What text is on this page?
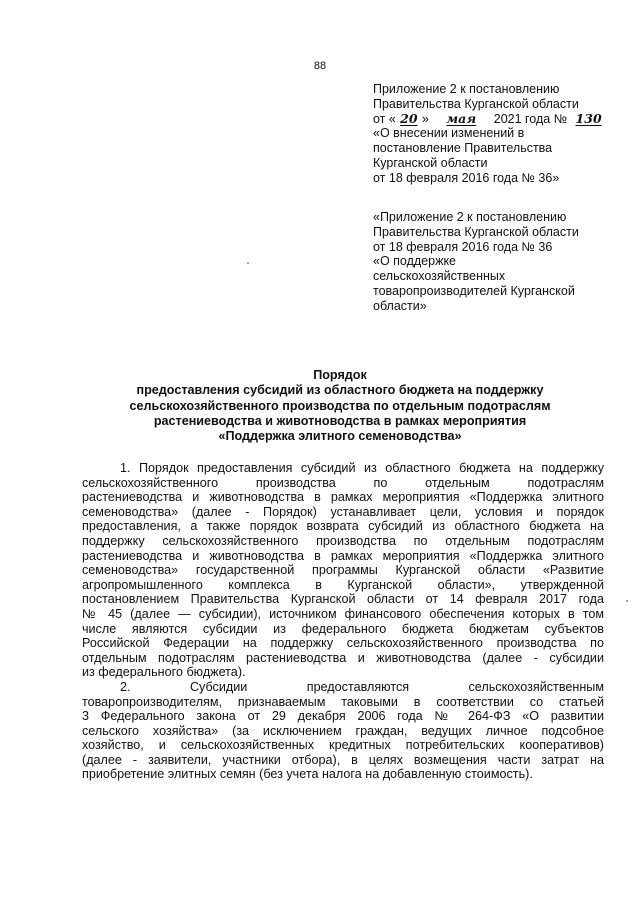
88
Приложение 2 к постановлению
Правительства Курганской области
от « 20 » мая 2021 года № 130
«О внесении изменений в
постановление Правительства
Курганской области
от 18 февраля 2016 года № 36»
«Приложение 2 к постановлению
Правительства Курганской области
от 18 февраля 2016 года № 36
«О поддержке
сельскохозяйственных
товаропроизводителей Курганской
области»
Порядок
предоставления субсидий из областного бюджета на поддержку
сельскохозяйственного производства по отдельным подотраслям
растениеводства и животноводства в рамках мероприятия
«Поддержка элитного семеноводства»
1. Порядок предоставления субсидий из областного бюджета на поддержку
сельскохозяйственного производства по отдельным подотраслям
растениеводства и животноводства в рамках мероприятия «Поддержка элитного
семеноводства» (далее - Порядок) устанавливает цели, условия и порядок
предоставления, а также порядок возврата субсидий из областного бюджета на
поддержку сельскохозяйственного производства по отдельным подотраслям
растениеводства и животноводства в рамках мероприятия «Поддержка элитного
семеноводства» государственной программы Курганской области «Развитие
агропромышленного комплекса в Курганской области», утвержденной
постановлением Правительства Курганской области от 14 февраля 2017 года
№ 45 (далее — субсидии), источником финансового обеспечения которых в том
числе являются субсидии из федерального бюджета бюджетам субъектов
Российской Федерации на поддержку сельскохозяйственного производства по
отдельным подотраслям растениеводства и животноводства (далее - субсидии
из федерального бюджета).
2. Субсидии предоставляются сельскохозяйственным
товаропроизводителям, признаваемым таковыми в соответствии со статьей
3 Федерального закона от 29 декабря 2006 года № 264-ФЗ «О развитии
сельского хозяйства» (за исключением граждан, ведущих личное подсобное
хозяйство, и сельскохозяйственных кредитных потребительских кооперативов)
(далее - заявители, участники отбора), в целях возмещения части затрат на
приобретение элитных семян (без учета налога на добавленную стоимость).
